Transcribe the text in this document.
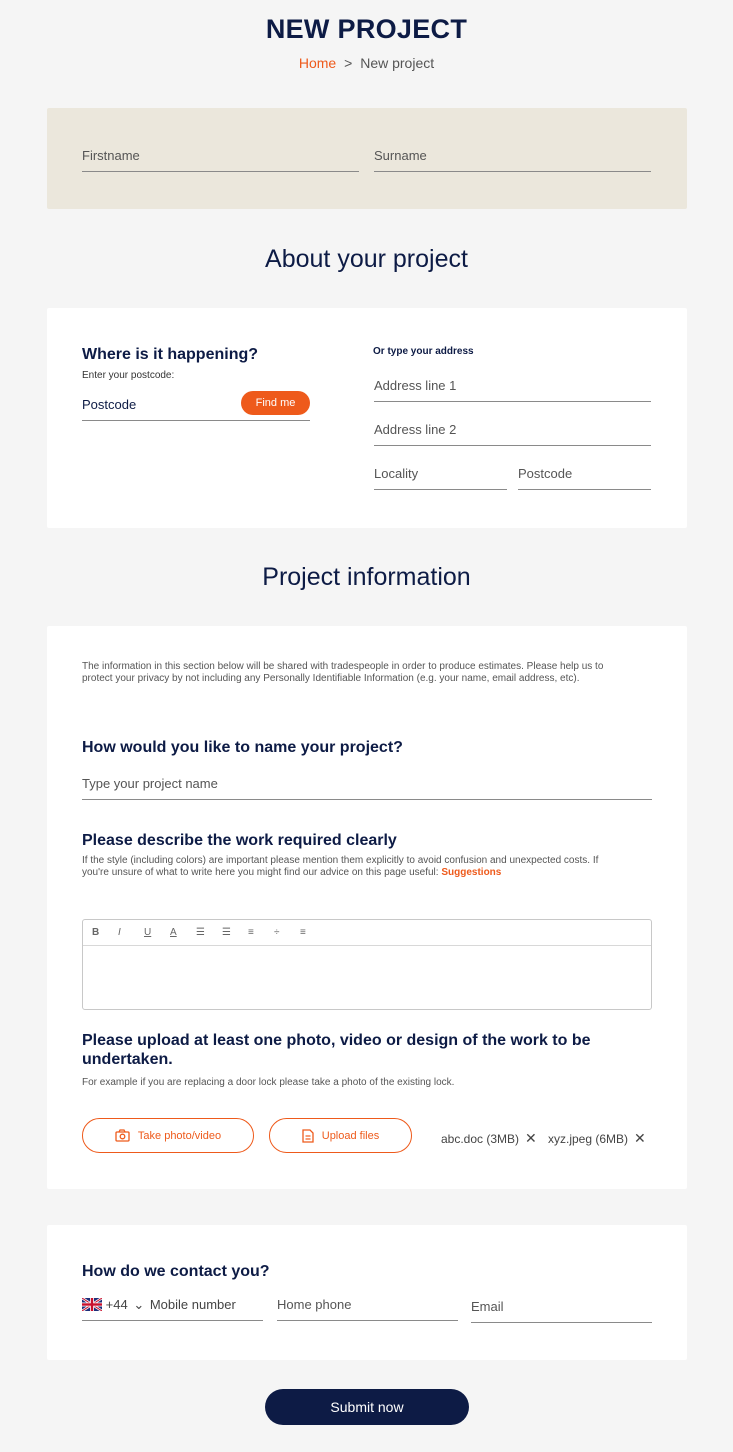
NEW PROJECT
Home > New project
Firstname	Surname
About your project
Where is it happening?
Enter your postcode:
Postcode	Find me
Or type your address
Address line 1
Address line 2
Locality	Postcode
Project information
The information in this section below will be shared with tradespeople in order to produce estimates. Please help us to protect your privacy by not including any Personally Identifiable Information (e.g. your name, email address, etc).
How would you like to name your project?
Type your project name
Please describe the work required clearly
If the style (including colors) are important please mention them explicitly to avoid confusion and unexpected costs. If you're unsure of what to write here you might find our advice on this page useful: Suggestions
B	I	U	A	☰	☰	≡	÷	≡
Please upload at least one photo, video or design of the work to be undertaken.
For example if you are replacing a door lock please take a photo of the existing lock.
Take photo/video	Upload files	abc.doc (3MB) ✕ xyz.jpeg (6MB) ✕
How do we contact you?
+44 ⌄ Mobile number	Home phone	Email
Submit now
